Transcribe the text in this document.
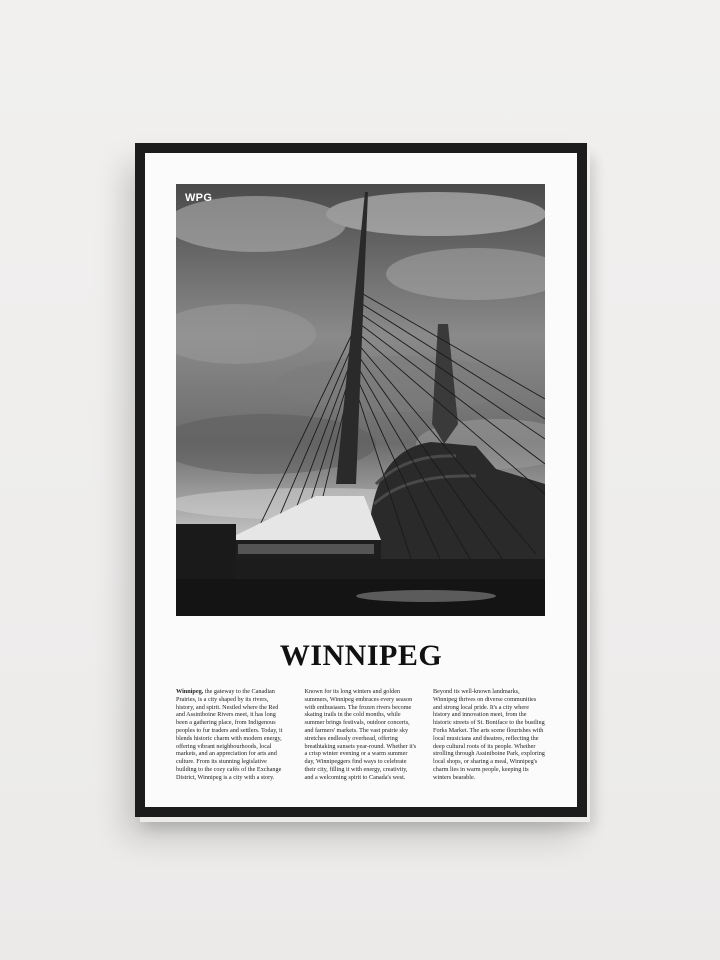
WPG
WINNIPEG
Winnipeg, the gateway to the Canadian Prairies, is a city shaped by its rivers, history, and spirit. Nestled where the Red and Assiniboine Rivers meet, it has long been a gathering place, from Indigenous peoples to fur traders and settlers. Today, it blends historic charm with modern energy, offering vibrant neighbourhoods, local markets, and an appreciation for arts and culture. From its stunning legislative building to the cozy cafés of the Exchange District, Winnipeg is a city with a story.
Known for its long winters and golden summers, Winnipeg embraces every season with enthusiasm. The frozen rivers become skating trails in the cold months, while summer brings festivals, outdoor concerts, and farmers' markets. The vast prairie sky stretches endlessly overhead, offering breathtaking sunsets year-round. Whether it's a crisp winter evening or a warm summer day, Winnipeggers find ways to celebrate their city, filling it with energy, creativity, and a welcoming spirit to Canada's west.
Beyond its well-known landmarks, Winnipeg thrives on diverse communities and strong local pride. It's a city where history and innovation meet, from the historic streets of St. Boniface to the bustling Forks Market. The arts scene flourishes with local musicians and theatres, reflecting the deep cultural roots of its people. Whether strolling through Assiniboine Park, exploring local shops, or sharing a meal, Winnipeg's charm lies in warm people, keeping its winters bearable.
